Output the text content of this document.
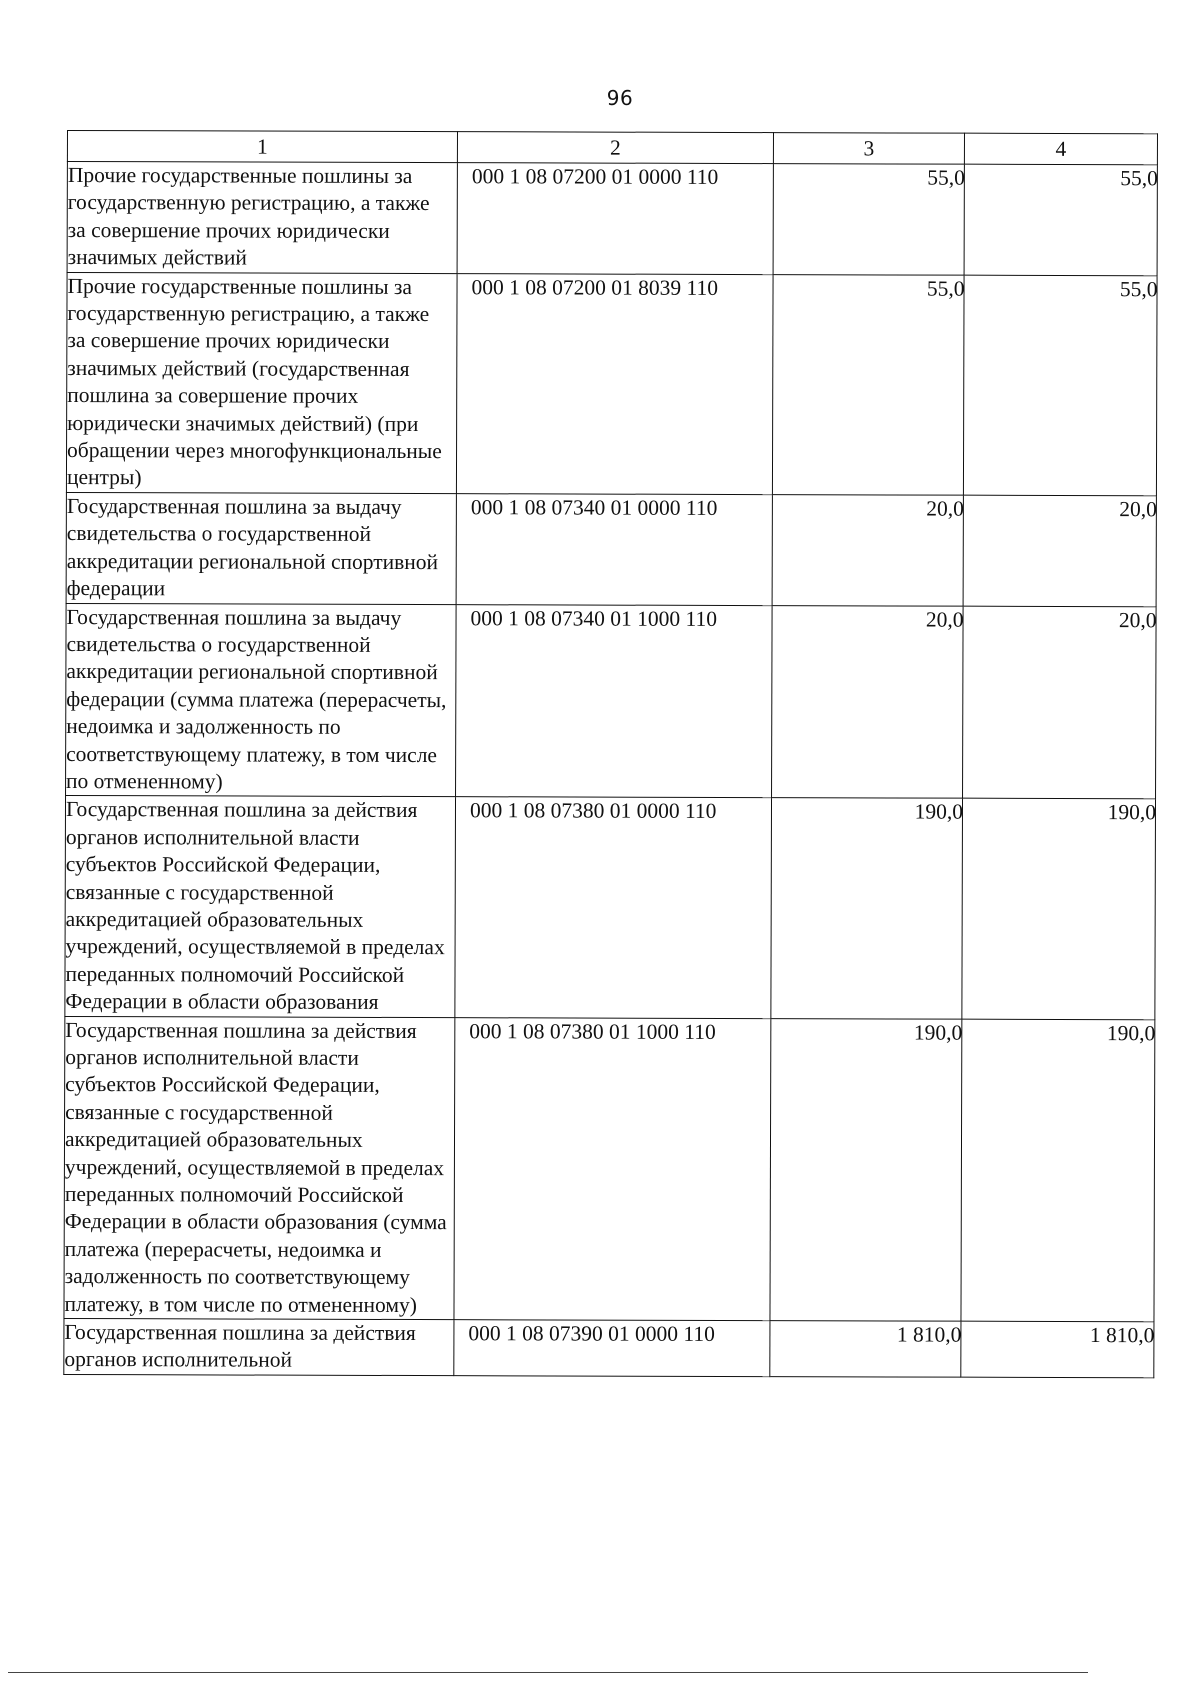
96
1	2	3	4
Прочие государственные пошлины за государственную регистрацию, а также за совершение прочих юридически значимых действий	000 1 08 07200 01 0000 110	55,0	55,0
Прочие государственные пошлины за государственную регистрацию, а также за совершение прочих юридически значимых действий (государственная пошлина за совершение прочих юридически значимых действий) (при обращении через многофункциональные центры)	000 1 08 07200 01 8039 110	55,0	55,0
Государственная пошлина за выдачу свидетельства о государственной аккредитации региональной спортивной федерации	000 1 08 07340 01 0000 110	20,0	20,0
Государственная пошлина за выдачу свидетельства о государственной аккредитации региональной спортивной федерации (сумма платежа (перерасчеты, недоимка и задолженность по соответствующему платежу, в том числе по отмененному)	000 1 08 07340 01 1000 110	20,0	20,0
Государственная пошлина за действия органов исполнительной власти субъектов Российской Федерации, связанные с государственной аккредитацией образовательных учреждений, осуществляемой в пределах переданных полномочий Российской Федерации в области образования	000 1 08 07380 01 0000 110	190,0	190,0
Государственная пошлина за действия органов исполнительной власти субъектов Российской Федерации, связанные с государственной аккредитацией образовательных учреждений, осуществляемой в пределах переданных полномочий Российской Федерации в области образования (сумма платежа (перерасчеты, недоимка и задолженность по соответствующему платежу, в том числе по отмененному)	000 1 08 07380 01 1000 110	190,0	190,0
Государственная пошлина за действия органов исполнительной	000 1 08 07390 01 0000 110	1 810,0	1 810,0
